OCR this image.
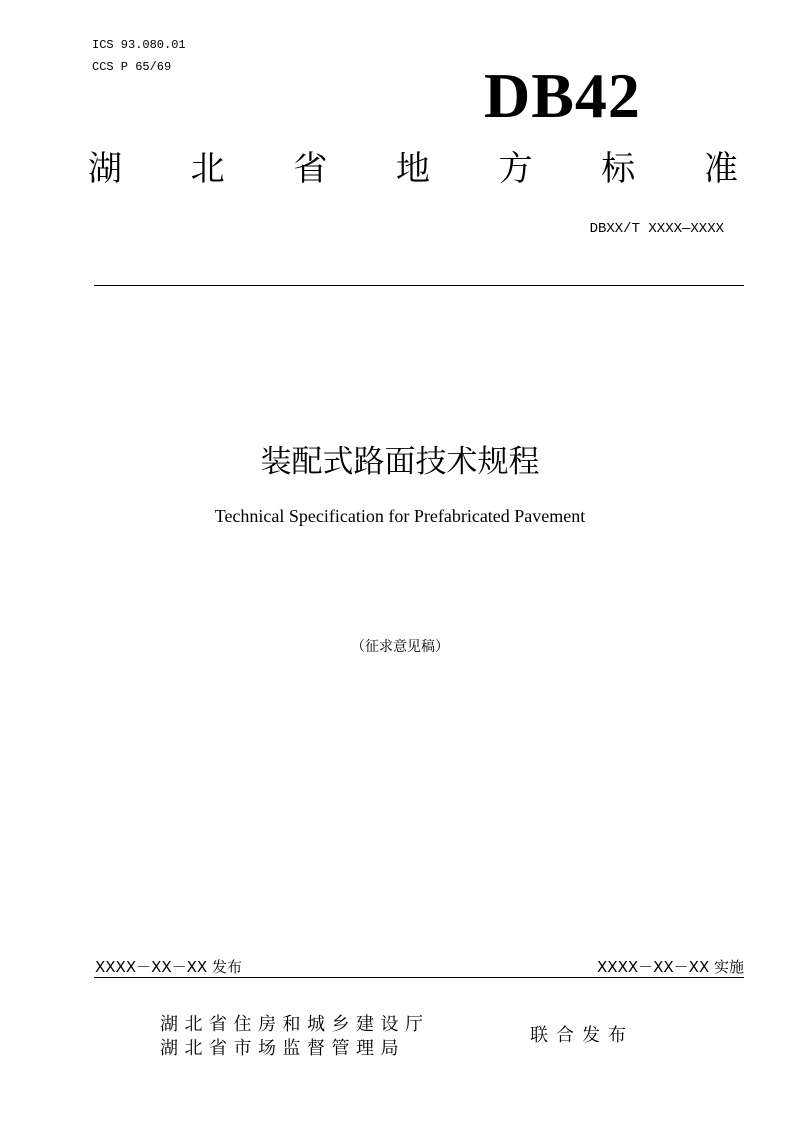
ICS 93.080.01
CCS P 65/69	DB42
湖 北 省 地 方 标 准
DBXX/T XXXX—XXXX
装配式路面技术规程
Technical Specification for Prefabricated Pavement
（征求意见稿）
XXXX－XX－XX 发布	XXXX－XX－XX 实施
湖北省住房和城乡建设厅
湖北省市场监督管理局
联合发布
